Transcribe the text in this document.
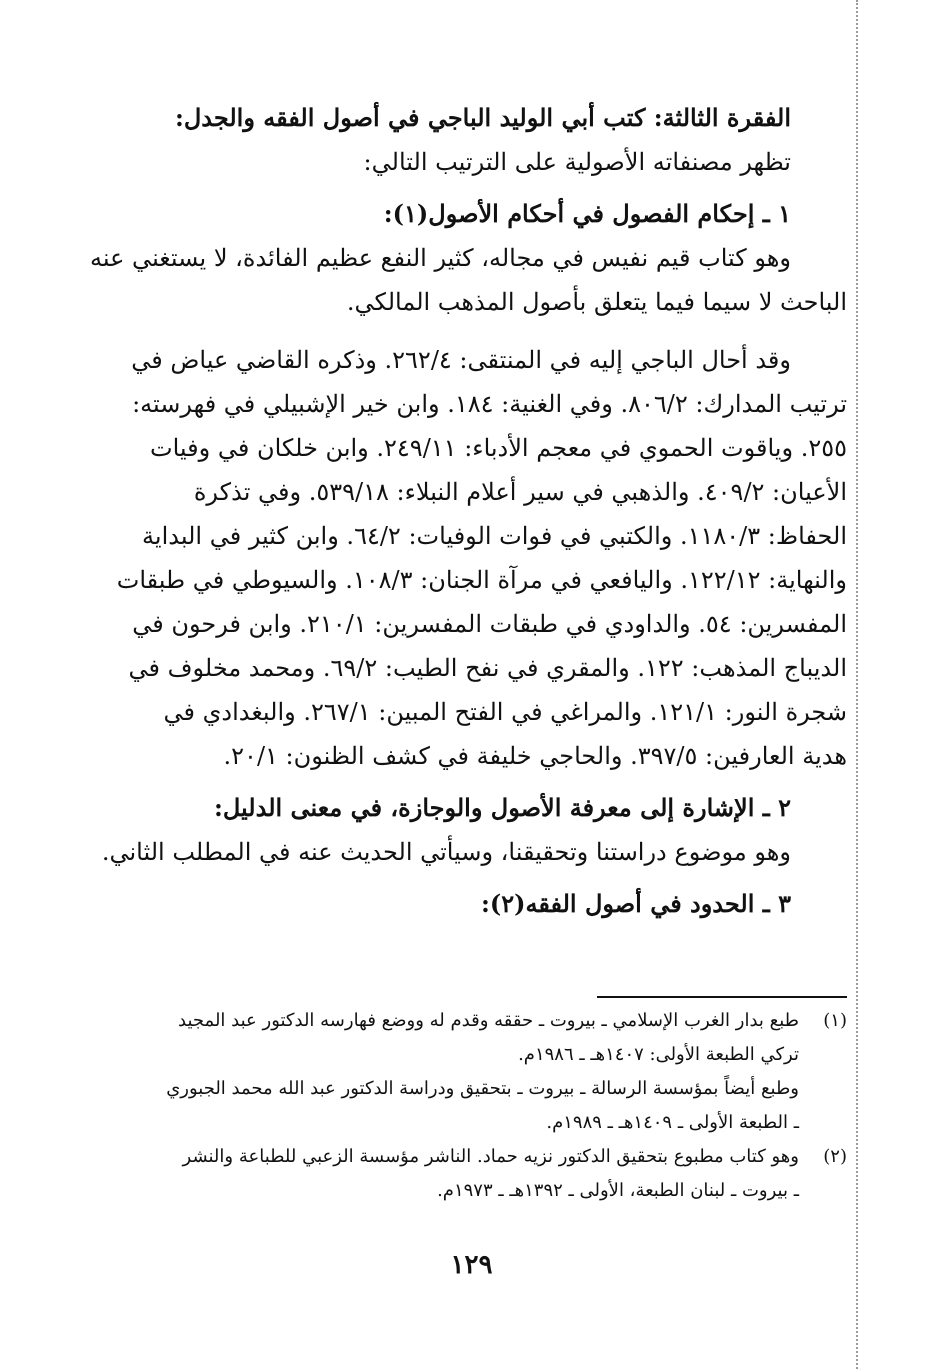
الفقرة الثالثة: كتب أبي الوليد الباجي في أصول الفقه والجدل:
تظهر مصنفاته الأصولية على الترتيب التالي:
١ ـ إحكام الفصول في أحكام الأصول(١):
وهو كتاب قيم نفيس في مجاله، كثير النفع عظيم الفائدة، لا يستغني عنه
الباحث لا سيما فيما يتعلق بأصول المذهب المالكي.
وقد أحال الباجي إليه في المنتقى: ٢٦٢/٤. وذكره القاضي عياض في
ترتيب المدارك: ٨٠٦/٢. وفي الغنية: ١٨٤. وابن خير الإشبيلي في فهرسته:
٢٥٥. وياقوت الحموي في معجم الأدباء: ٢٤٩/١١. وابن خلكان في وفيات
الأعيان: ٤٠٩/٢. والذهبي في سير أعلام النبلاء: ٥٣٩/١٨. وفي تذكرة
الحفاظ: ١١٨٠/٣. والكتبي في فوات الوفيات: ٦٤/٢. وابن كثير في البداية
والنهاية: ١٢٢/١٢. واليافعي في مرآة الجنان: ١٠٨/٣. والسيوطي في طبقات
المفسرين: ٥٤. والداودي في طبقات المفسرين: ٢١٠/١. وابن فرحون في
الديباج المذهب: ١٢٢. والمقري في نفح الطيب: ٦٩/٢. ومحمد مخلوف في
شجرة النور: ١٢١/١. والمراغي في الفتح المبين: ٢٦٧/١. والبغدادي في
هدية العارفين: ٣٩٧/٥. والحاجي خليفة في كشف الظنون: ٢٠/١.
٢ ـ الإشارة إلى معرفة الأصول والوجازة، في معنى الدليل:
وهو موضوع دراستنا وتحقيقنا، وسيأتي الحديث عنه في المطلب الثاني.
٣ ـ الحدود في أصول الفقه(٢):
(١)
طبع بدار الغرب الإسلامي ـ بيروت ـ حققه وقدم له ووضع فهارسه الدكتور عبد المجيد
تركي الطبعة الأولى: ١٤٠٧هـ ـ ١٩٨٦م.
وطبع أيضاً بمؤسسة الرسالة ـ بيروت ـ بتحقيق ودراسة الدكتور عبد الله محمد الجبوري
ـ الطبعة الأولى ـ ١٤٠٩هـ ـ ١٩٨٩م.
(٢)
وهو كتاب مطبوع بتحقيق الدكتور نزيه حماد. الناشر مؤسسة الزعبي للطباعة والنشر
ـ بيروت ـ لبنان الطبعة، الأولى ـ ١٣٩٢هـ ـ ١٩٧٣م.
١٢٩
